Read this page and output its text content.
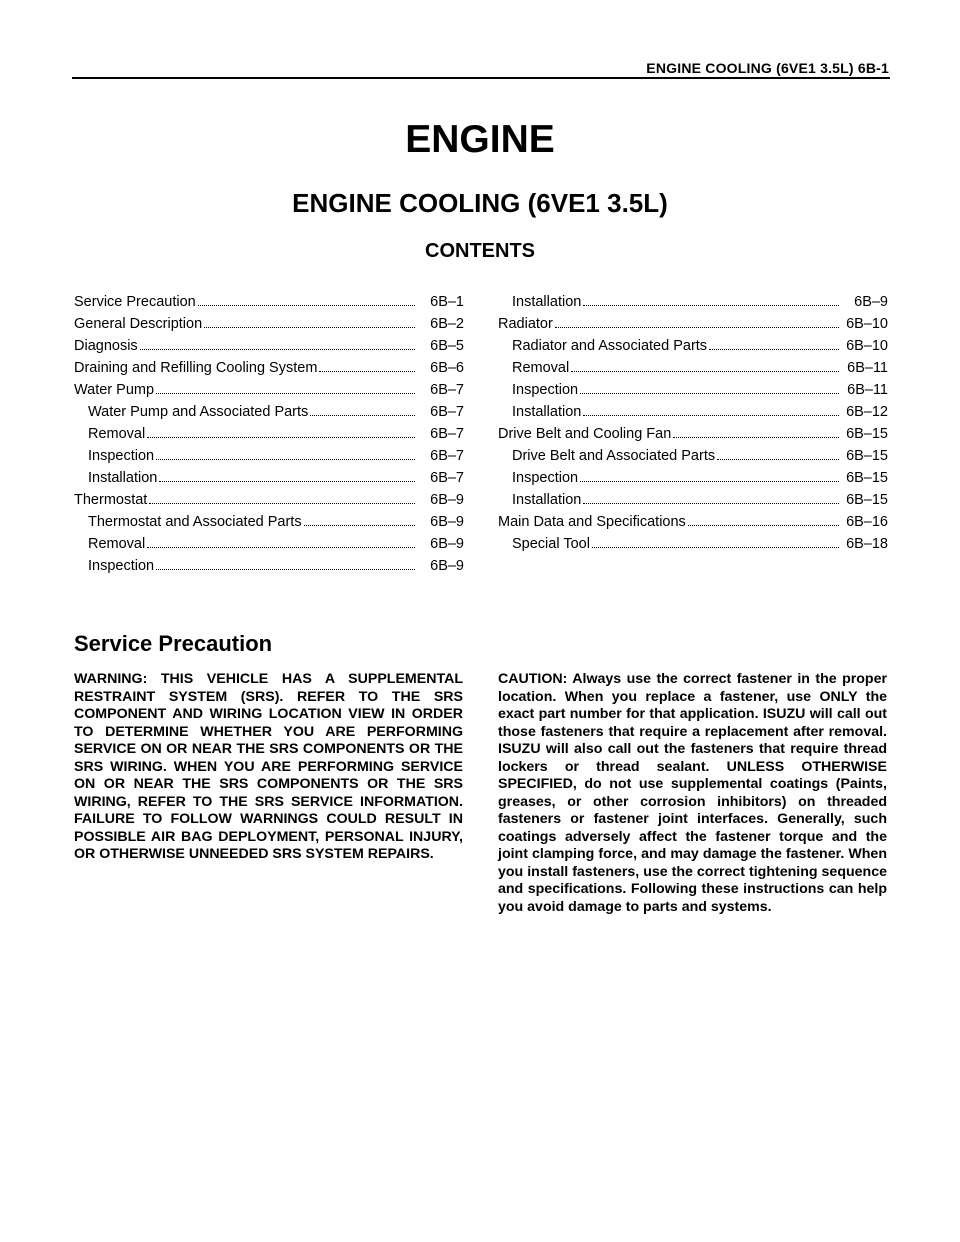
ENGINE COOLING (6VE1 3.5L) 6B-1
ENGINE
ENGINE COOLING (6VE1 3.5L)
CONTENTS
Service Precaution	6B–1
General Description	6B–2
Diagnosis	6B–5
Draining and Refilling Cooling System	6B–6
Water Pump	6B–7
Water Pump and Associated Parts	6B–7
Removal	6B–7
Inspection	6B–7
Installation	6B–7
Thermostat	6B–9
Thermostat and Associated Parts	6B–9
Removal	6B–9
Inspection	6B–9
Installation	6B–9
Radiator	6B–10
Radiator and Associated Parts	6B–10
Removal	6B–11
Inspection	6B–11
Installation	6B–12
Drive Belt and Cooling Fan	6B–15
Drive Belt and Associated Parts	6B–15
Inspection	6B–15
Installation	6B–15
Main Data and Specifications	6B–16
Special Tool	6B–18
Service Precaution

WARNING: THIS VEHICLE HAS A SUPPLEMENTAL RESTRAINT SYSTEM (SRS). REFER TO THE SRS COMPONENT AND WIRING LOCATION VIEW IN ORDER TO DETERMINE WHETHER YOU ARE PERFORMING SERVICE ON OR NEAR THE SRS COMPONENTS OR THE SRS WIRING. WHEN YOU ARE PERFORMING SERVICE ON OR NEAR THE SRS COMPONENTS OR THE SRS WIRING, REFER TO THE SRS SERVICE INFORMATION. FAILURE TO FOLLOW WARNINGS COULD RESULT IN POSSIBLE AIR BAG DEPLOYMENT, PERSONAL INJURY, OR OTHERWISE UNNEEDED SRS SYSTEM REPAIRS.

CAUTION: Always use the correct fastener in the proper location. When you replace a fastener, use ONLY the exact part number for that application. ISUZU will call out those fasteners that require a replacement after removal. ISUZU will also call out the fasteners that require thread lockers or thread sealant. UNLESS OTHERWISE SPECIFIED, do not use supplemental coatings (Paints, greases, or other corrosion inhibitors) on threaded fasteners or fastener joint interfaces. Generally, such coatings adversely affect the fastener torque and the joint clamping force, and may damage the fastener. When you install fasteners, use the correct tightening sequence and specifications. Following these instructions can help you avoid damage to parts and systems.
